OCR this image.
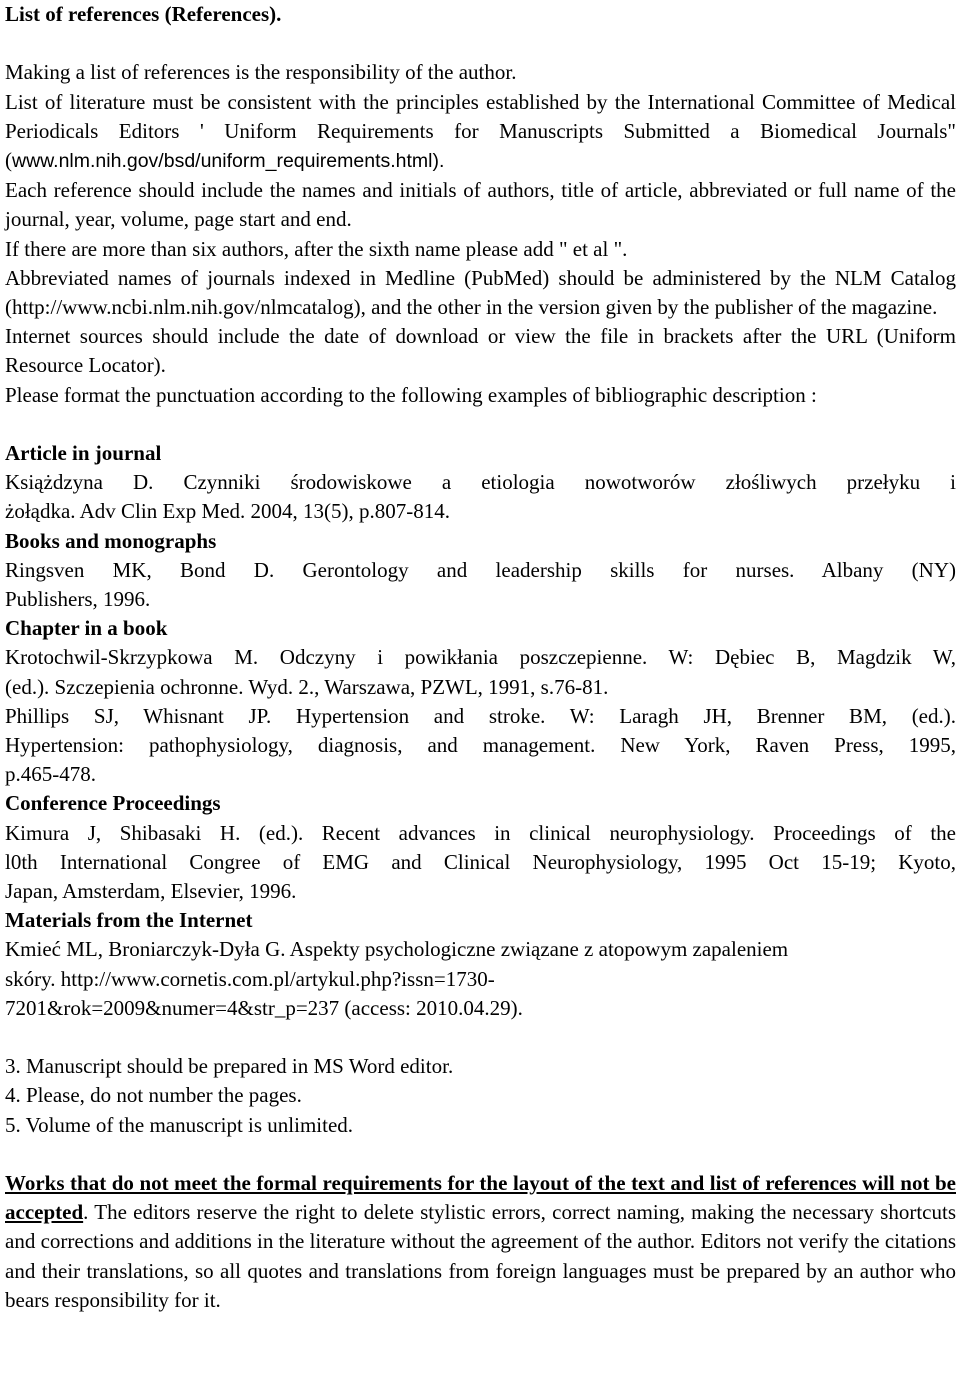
List of references (References).

Making a list of references is the responsibility of the author.

List of literature must be consistent with the principles established by the International Committee of Medical Periodicals Editors ' Uniform Requirements for Manuscripts Submitted a Biomedical Journals"(www.nlm.nih.gov/bsd/uniform_requirements.html).

Each reference should include the names and initials of authors, title of article, abbreviated or full name of the journal, year, volume, page start and end.

If there are more than six authors, after the sixth name please add " et al ".

Abbreviated names of journals indexed in Medline (PubMed) should be administered by the NLM Catalog (http://www.ncbi.nlm.nih.gov/nlmcatalog), and the other in the version given by the publisher of the magazine.

Internet sources should include the date of download or view the file in brackets after the URL (Uniform Resource Locator).

Please format the punctuation according to the following examples of bibliographic description :

Article in journal
Książdzyna D. Czynniki środowiskowe a etiologia nowotworów złośliwych przełyku i
żołądka. Adv Clin Exp Med. 2004, 13(5), p.807-814.
Books and monographs
Ringsven MK, Bond D. Gerontology and leadership skills for nurses. Albany (NY)
Publishers, 1996.
Chapter in a book
Krotochwil-Skrzypkowa M. Odczyny i powikłania poszczepienne. W: Dębiec B, Magdzik W,
(ed.). Szczepienia ochronne. Wyd. 2., Warszawa, PZWL, 1991, s.76-81.
Phillips SJ, Whisnant JP. Hypertension and stroke. W: Laragh JH, Brenner BM, (ed.).
Hypertension: pathophysiology, diagnosis, and management. New York, Raven Press, 1995,
p.465-478.
Conference Proceedings
Kimura J, Shibasaki H. (ed.). Recent advances in clinical neurophysiology. Proceedings of the
l0th International Congree of EMG and Clinical Neurophysiology, 1995 Oct 15-19; Kyoto,
Japan, Amsterdam, Elsevier, 1996.
Materials from the Internet
Kmieć ML, Broniarczyk-Dyła G. Aspekty psychologiczne związane z atopowym zapaleniem
skóry. http://www.cornetis.com.pl/artykul.php?issn=1730-
7201&rok=2009&numer=4&str_p=237 (access: 2010.04.29).
3. Manuscript should be prepared in MS Word editor.
4. Please, do not number the pages.
5. Volume of the manuscript is unlimited.

Works that do not meet the formal requirements for the layout of the text and list of references will not be accepted. The editors reserve the right to delete stylistic errors, correct naming, making the necessary shortcuts and corrections and additions in the literature without the agreement of the author. Editors not verify the citations and their translations, so all quotes and translations from foreign languages must be prepared by an author who bears responsibility for it.
